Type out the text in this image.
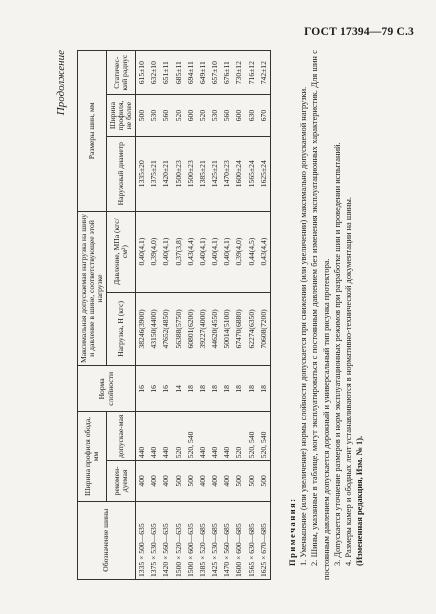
ГОСТ 17394—79 С.3
Продолжение
Обозначение шины	Ширина профиля обода, мм		Норма слойности	Максимальная допускаемая нагрузка на шину и давление в шине, соответствующее этой нагрузке		Размеры шин, мм		
	рекомен-дуемая	допускае-мая		Нагрузка, Н (кгс)	Давление, МПа (кгс/см²)	Наружный диаметр	Ширина профиля, не более	Статичес-кий радиус
1335 × 500—635	400	440	16	38246(3900)	0,40(4,1)	1335±20	500	615±10
1375 × 530—635	400	440	16	43150(4400)	0,39(4,0)	1375±21	530	632±10
1420 × 560—635	400	440	16	47652(4850)	0,40(4,1)	1420±21	560	651±11
1500 × 520—635	500	520	14	56388(5750)	0,37(3,8)	1500±23	520	685±11
1500 × 600—635	500	520, 540	18	60801(6200)	0,43(4,4)	1500±23	600	694±11
1385 × 520—685	400	440	18	39227(4000)	0,40(4,1)	1385±21	520	649±11
1425 × 530—685	400	440	18	44620(4550)	0,40(4,1)	1425±21	530	657±10
1470 × 560—685	400	440	18	50014(5100)	0,40(4,1)	1470±23	560	676±11
1600 × 600—685	500	520	18	67470(6880)	0,39(4,0)	1600±24	600	730±12
1565 × 630—685	500	520, 540	18	62274(6350)	0,44(4,5)	1565±24	630	716±12
1625 × 670—685	500	520, 540	18	70608(7200)	0,43(4,4)	1625±24	670	742±12

Примечания: 1. Уменьшение (или увеличение) нормы слойности допускается при снижении (или увеличении) максимально допускаемой нагрузки. 2. Шины, указанные в таблице, могут эксплуатироваться с постоянным давлением без изменения эксплуатационных характеристик. Для шин с постоянным давлением допускается дорожный и универсальный тип рисунка протектора. 3. Допускается уточнение размеров и норм эксплуатационных режимов при разработке шин и проведении испытаний. 4. Размеры камер и ободных лент устанавливаются в нормативно-технической документации на шины. (Измененная редакция, Изм. № 1).
